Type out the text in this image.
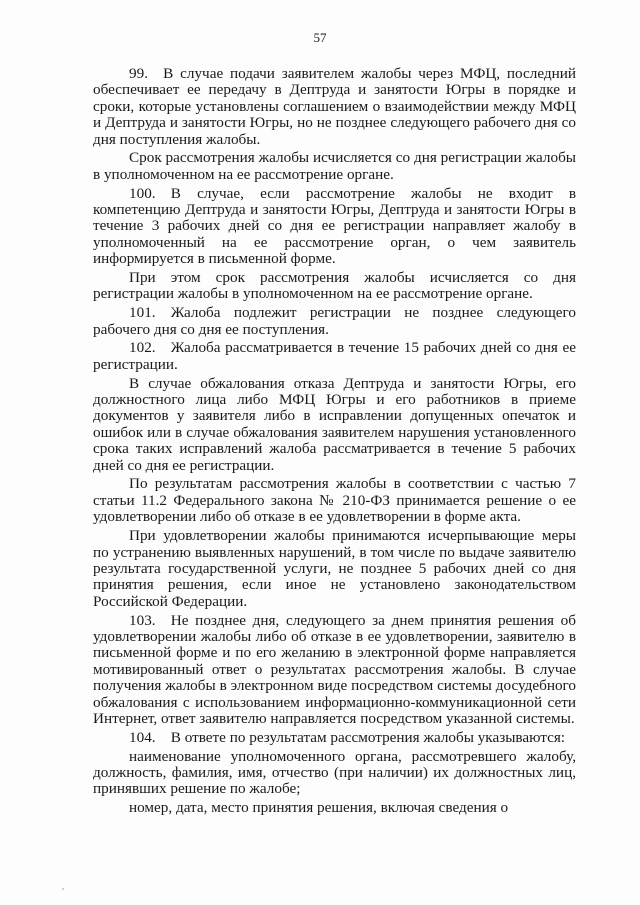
57

99. В случае подачи заявителем жалобы через МФЦ, последний обеспечивает ее передачу в Дептруда и занятости Югры в порядке и сроки, которые установлены соглашением о взаимодействии между МФЦ и Дептруда и занятости Югры, но не позднее следующего рабочего дня со дня поступления жалобы.

Срок рассмотрения жалобы исчисляется со дня регистрации жалобы в уполномоченном на ее рассмотрение органе.

100. В случае, если рассмотрение жалобы не входит в компетенцию Дептруда и занятости Югры, Дептруда и занятости Югры в течение 3 рабочих дней со дня ее регистрации направляет жалобу в уполномоченный на ее рассмотрение орган, о чем заявитель информируется в письменной форме.

При этом срок рассмотрения жалобы исчисляется со дня регистрации жалобы в уполномоченном на ее рассмотрение органе.

101. Жалоба подлежит регистрации не позднее следующего рабочего дня со дня ее поступления.

102. Жалоба рассматривается в течение 15 рабочих дней со дня ее регистрации.

В случае обжалования отказа Дептруда и занятости Югры, его должностного лица либо МФЦ Югры и его работников в приеме документов у заявителя либо в исправлении допущенных опечаток и ошибок или в случае обжалования заявителем нарушения установленного срока таких исправлений жалоба рассматривается в течение 5 рабочих дней со дня ее регистрации.

По результатам рассмотрения жалобы в соответствии с частью 7 статьи 11.2 Федерального закона № 210-ФЗ принимается решение о ее удовлетворении либо об отказе в ее удовлетворении в форме акта.

При удовлетворении жалобы принимаются исчерпывающие меры по устранению выявленных нарушений, в том числе по выдаче заявителю результата государственной услуги, не позднее 5 рабочих дней со дня принятия решения, если иное не установлено законодательством Российской Федерации.

103. Не позднее дня, следующего за днем принятия решения об удовлетворении жалобы либо об отказе в ее удовлетворении, заявителю в письменной форме и по его желанию в электронной форме направляется мотивированный ответ о результатах рассмотрения жалобы. В случае получения жалобы в электронном виде посредством системы досудебного обжалования с использованием информационно-коммуникационной сети Интернет, ответ заявителю направляется посредством указанной системы.

104. В ответе по результатам рассмотрения жалобы указываются:

наименование уполномоченного органа, рассмотревшего жалобу, должность, фамилия, имя, отчество (при наличии) их должностных лиц, принявших решение по жалобе;

номер, дата, место принятия решения, включая сведения о
